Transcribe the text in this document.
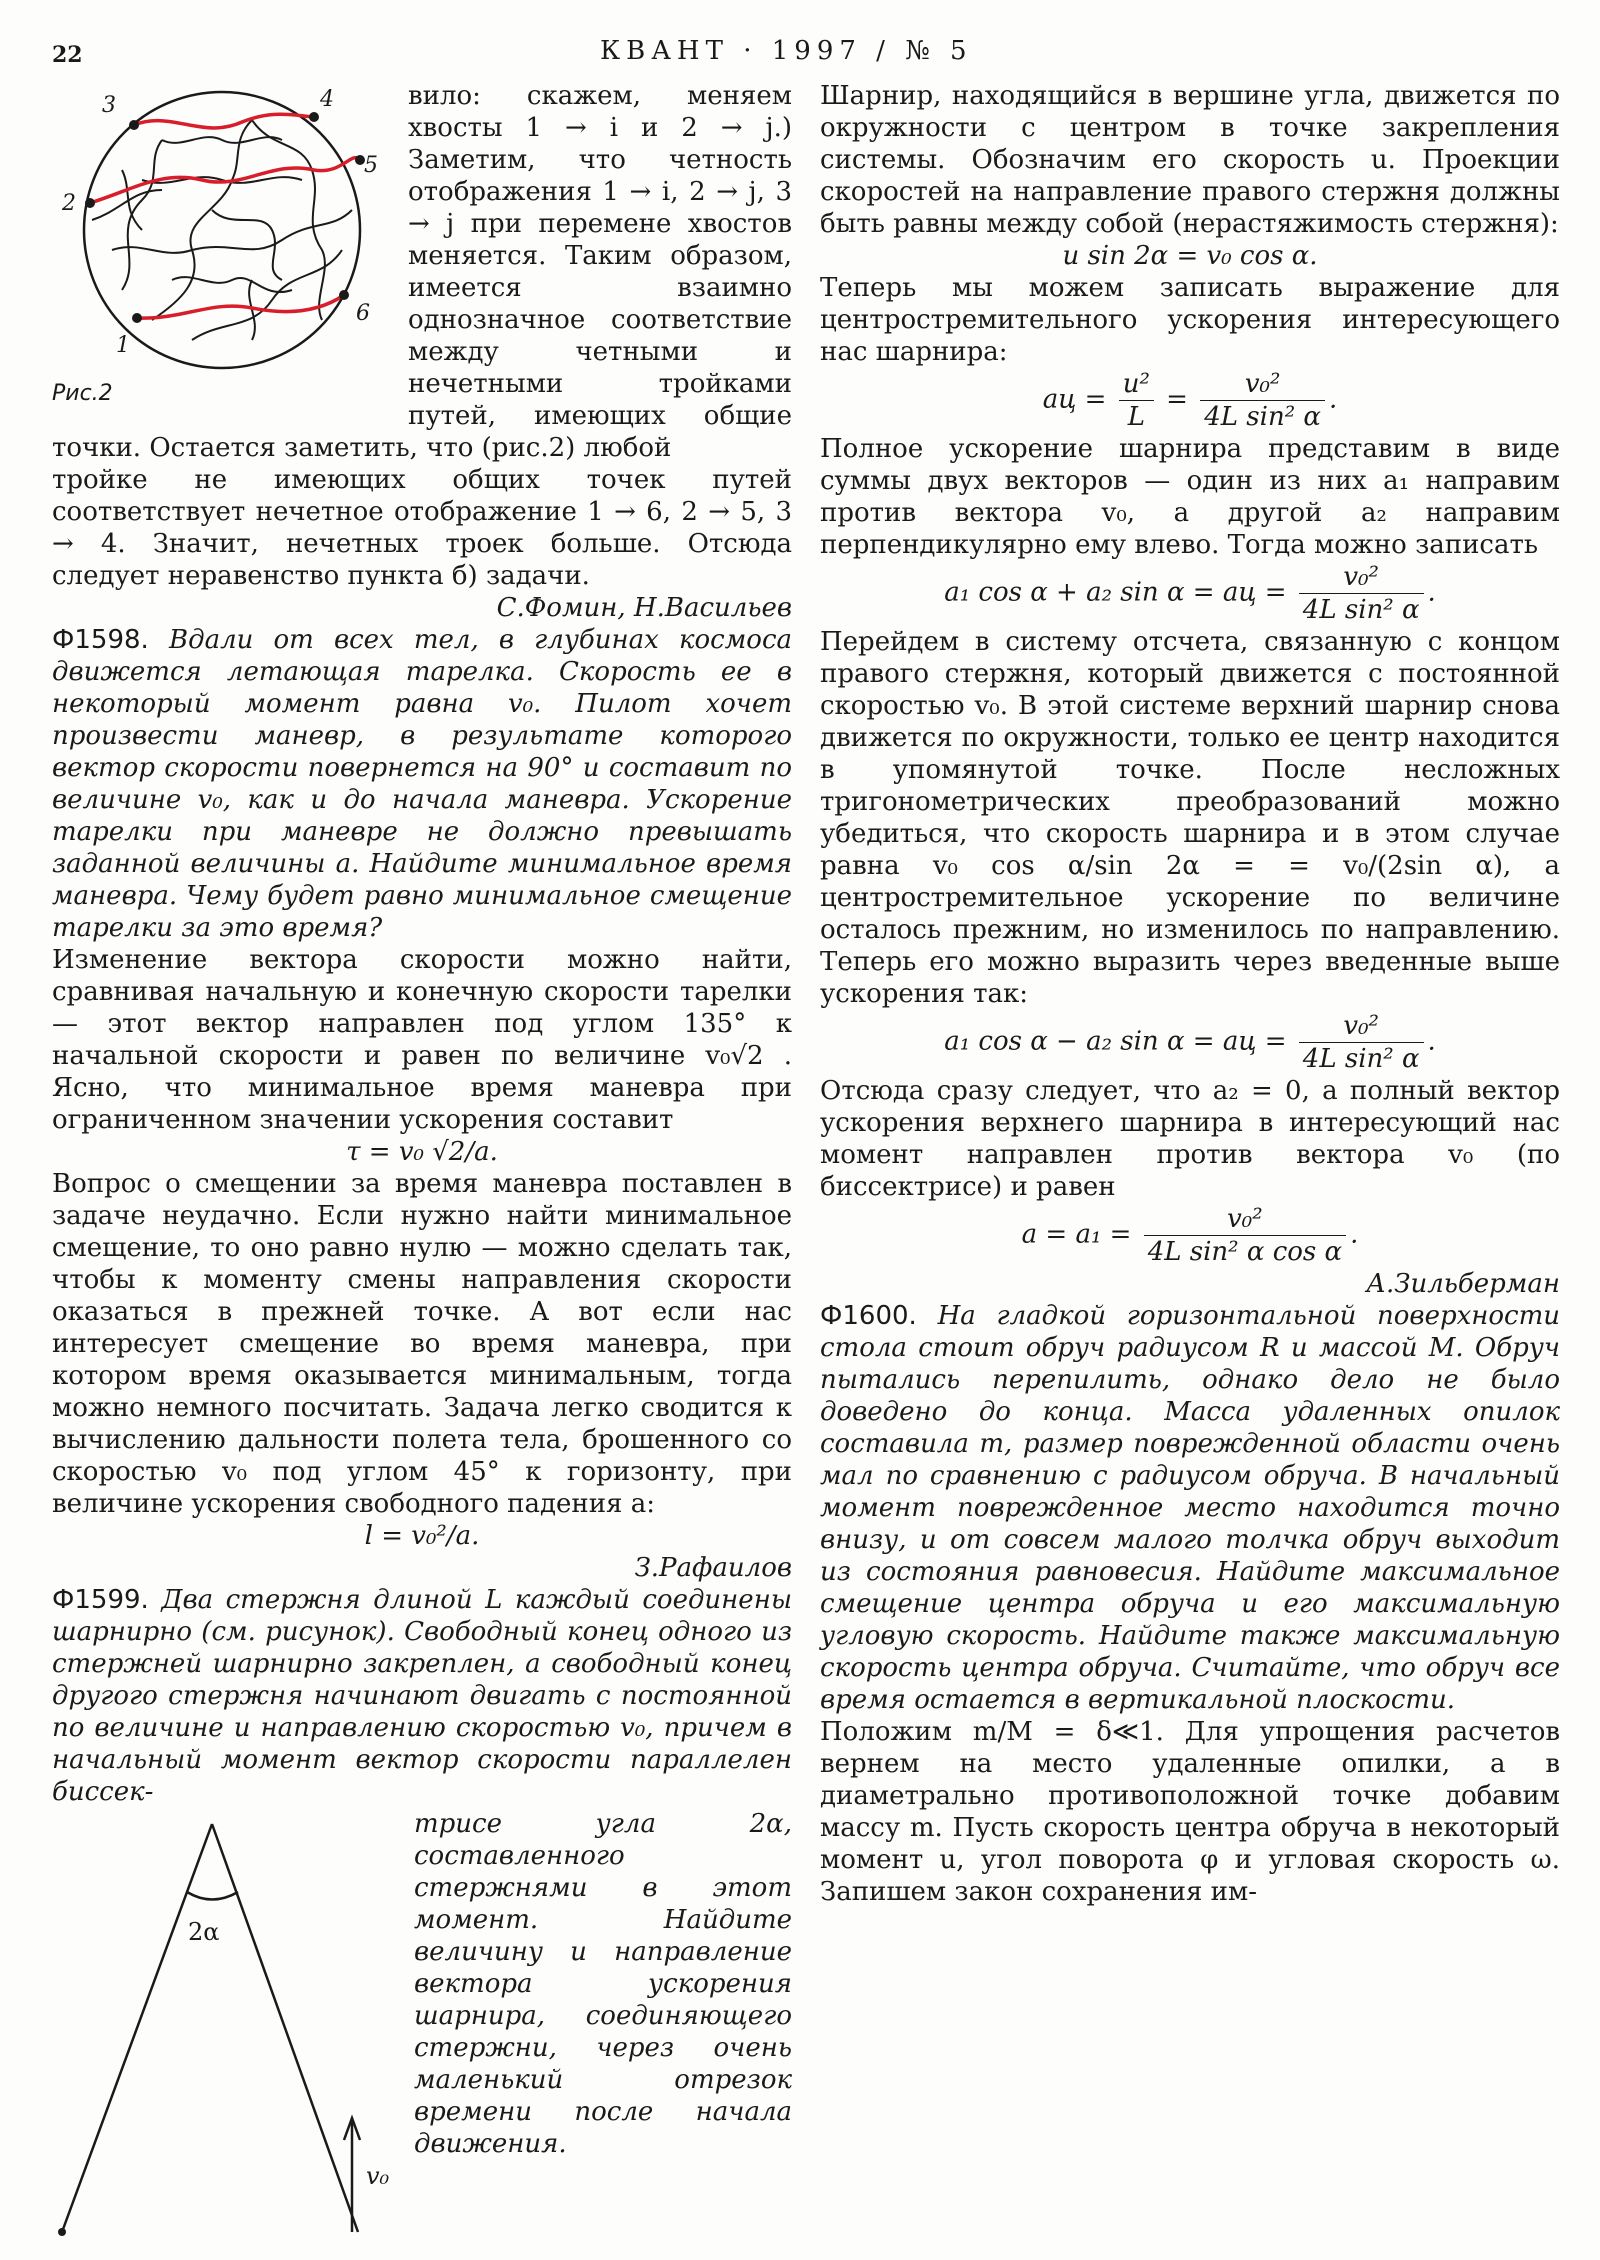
22	КВАНТ · 1997 / № 5
1
2
3	4
5
6
Рис.2

вило: скажем, меняем хвосты 1 → i и 2 → j.) Заметим, что четность отображения 1 → i, 2 → j, 3 → j при перемене хвостов меняется. Таким образом, имеется взаимно однозначное соответствие между четными и нечетными тройками путей, имеющих общие точки. Остается заметить, что (рис.2) любой

тройке не имеющих общих точек путей соответствует нечетное отображение 1 → 6, 2 → 5, 3 → 4. Значит, нечетных троек больше. Отсюда следует неравенство пункта б) задачи.

С.Фомин, Н.Васильев

Ф1598. Вдали от всех тел, в глубинах космоса движется летающая тарелка. Скорость ее в некоторый момент равна v₀. Пилот хочет произвести маневр, в результате которого вектор скорости повернется на 90° и составит по величине v₀, как и до начала маневра. Ускорение тарелки при маневре не должно превышать заданной величины a. Найдите минимальное время маневра. Чему будет равно минимальное смещение тарелки за это время?

Изменение вектора скорости можно найти, сравнивая начальную и конечную скорости тарелки — этот вектор направлен под углом 135° к начальной скорости и равен по величине v₀√2 . Ясно, что минимальное время маневра при ограниченном значении ускорения составит

τ = v₀ √2/a.

Вопрос о смещении за время маневра поставлен в задаче неудачно. Если нужно найти минимальное смещение, то оно равно нулю — можно сделать так, чтобы к моменту смены направления скорости оказаться в прежней точке. А вот если нас интересует смещение во время маневра, при котором время оказывается минимальным, тогда можно немного посчитать. Задача легко сводится к вычислению дальности полета тела, брошенного со скоростью v₀ под углом 45° к горизонту, при величине ускорения свободного падения a:

l = v₀²/a.

З.Рафаилов

Ф1599. Два стержня длиной L каждый соединены шарнирно (см. рисунок). Свободный конец одного из стержней шарнирно закреплен, а свободный конец другого стержня начинают двигать с постоянной по величине и направлению скоростью v₀, причем в начальный момент вектор скорости параллелен биссек-

2α
v₀

трисе угла 2α, составленного стержнями в этот момент. Найдите величину и направление вектора ускорения шарнира, соединяющего стержни, через очень маленький отрезок времени после начала движения.

Шарнир, находящийся в вершине угла, движется по окружности с центром в точке закрепления системы. Обозначим его скорость u. Проекции скоростей на направление правого стержня должны быть равны между собой (нерастяжимость стержня):

u sin 2α = v₀ cos α.

Теперь мы можем записать выражение для центростремительного ускорения интересующего нас шарнира:

aц = $\frac{\text{u²}}{L} = \frac{\text{v₀²}}{\text{4L sin² α}}$ .

Полное ускорение шарнира представим в виде суммы двух векторов — один из них a₁ направим против вектора v₀, а другой a₂ направим перпендикулярно ему влево. Тогда можно записать

a₁ cos α + a₂ sin α = aц = $\frac{\text{v₀²}}{\text{4L sin² α}}$ .

Перейдем в систему отсчета, связанную с концом правого стержня, который движется с постоянной скоростью v₀. В этой системе верхний шарнир снова движется по окружности, только ее центр находится в упомянутой точке. После несложных тригонометрических преобразований можно убедиться, что скорость шарнира и в этом случае равна v₀ cos α/sin 2α = = v₀/(2sin α), а центростремительное ускорение по величине осталось прежним, но изменилось по направлению. Теперь его можно выразить через введенные выше ускорения так:

a₁ cos α − a₂ sin α = aц = $\frac{\text{v₀²}}{\text{4L sin² α}}$ .

Отсюда сразу следует, что a₂ = 0, а полный вектор ускорения верхнего шарнира в интересующий нас момент направлен против вектора v₀ (по биссектрисе) и равен

$a = a_1 = \frac{\text{v₀²}}{\text{4L sin² α cos α}}$ .

А.Зильберман

Ф1600. На гладкой горизонтальной поверхности стола стоит обруч радиусом R и массой M. Обруч пытались перепилить, однако дело не было доведено до конца. Масса удаленных опилок составила m, размер поврежденной области очень мал по сравнению с радиусом обруча. В начальный момент поврежденное место находится точно внизу, и от совсем малого толчка обруч выходит из состояния равновесия. Найдите максимальное смещение центра обруча и его максимальную угловую скорость. Найдите также максимальную скорость центра обруча. Считайте, что обруч все время остается в вертикальной плоскости.

Положим m/M = δ≪1. Для упрощения расчетов вернем на место удаленные опилки, а в диаметрально противоположной точке добавим массу m. Пусть скорость центра обруча в некоторый момент u, угол поворота φ и угловая скорость ω. Запишем закон сохранения им-
